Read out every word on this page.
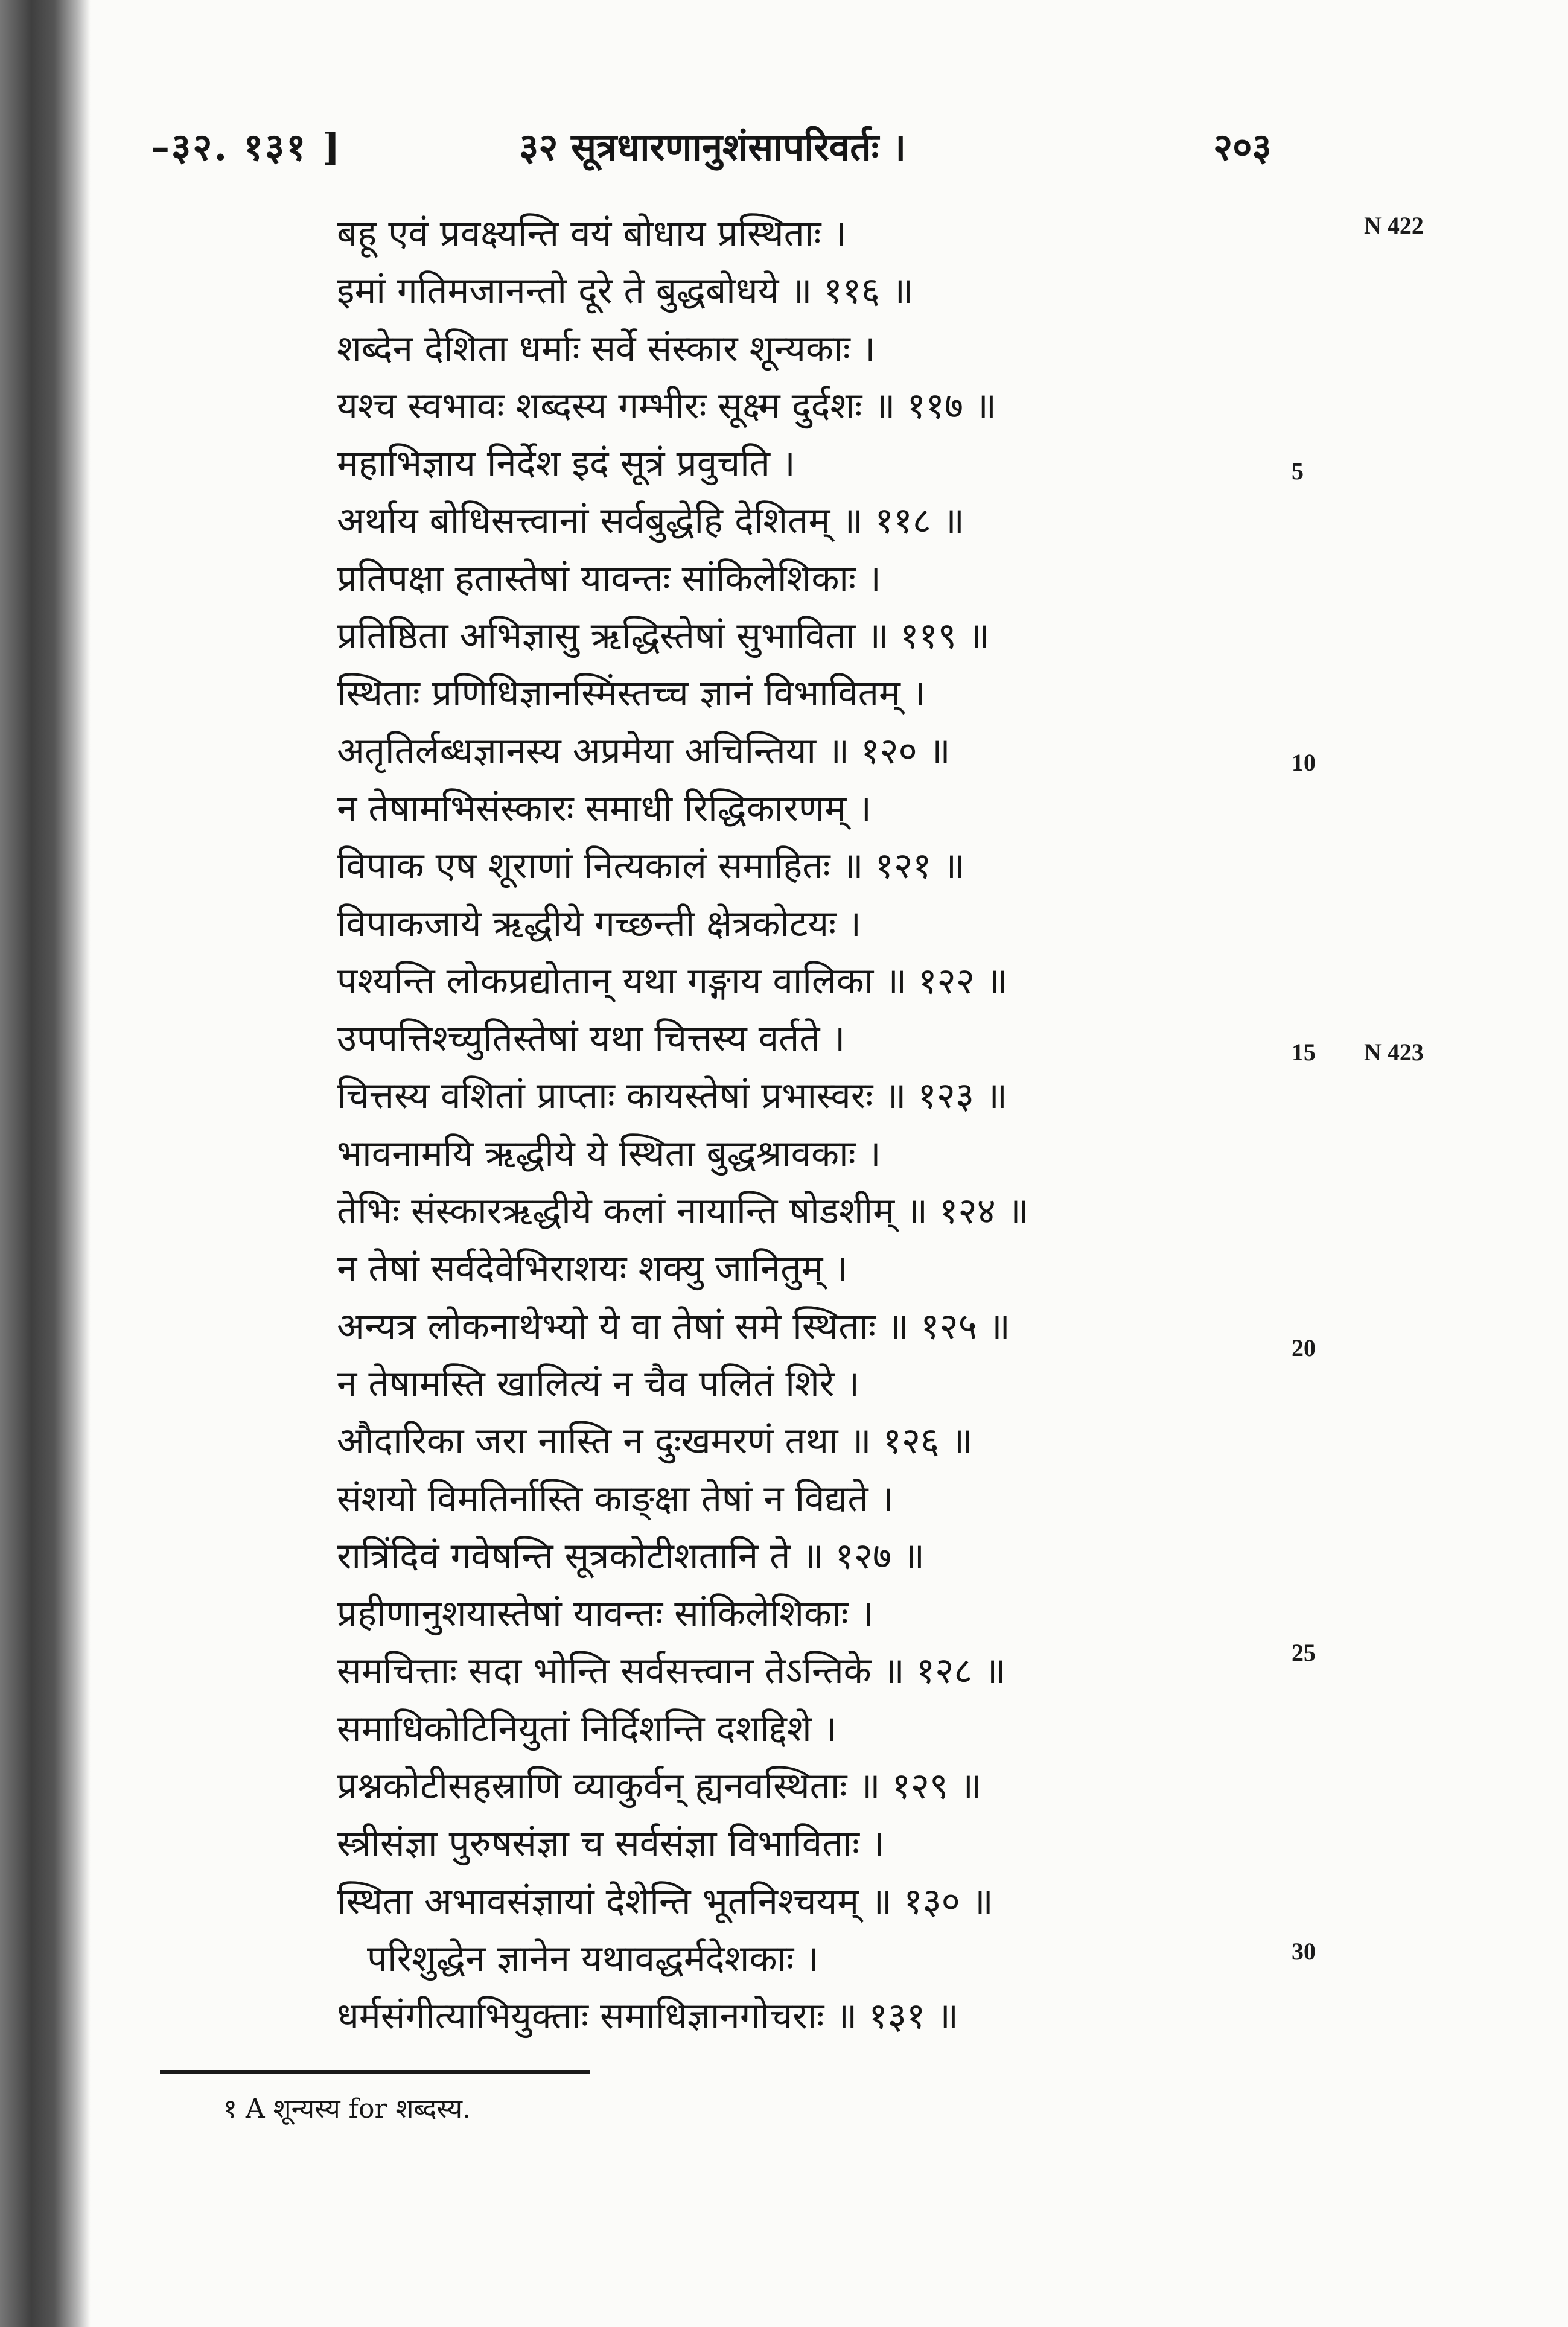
–३२. १३१ ]	३२ सूत्रधारणानुशंसापरिवर्तः ।	२०३
बहू एवं प्रवक्ष्यन्ति वयं बोधाय प्रस्थिताः ।
इमां गतिमजानन्तो दूरे ते बुद्धबोधये ॥ ११६ ॥
शब्देन देशिता धर्माः सर्वे संस्कार शून्यकाः ।
यश्च स्वभावः शब्दस्य गम्भीरः सूक्ष्म दुर्दशः ॥ ११७ ॥
महाभिज्ञाय निर्देश इदं सूत्रं प्रवुचति ।
अर्थाय बोधिसत्त्वानां सर्वबुद्धेहि देशितम् ॥ ११८ ॥
प्रतिपक्षा हतास्तेषां यावन्तः सांकिलेशिकाः ।
प्रतिष्ठिता अभिज्ञासु ऋद्धिस्तेषां सुभाविता ॥ ११९ ॥
स्थिताः प्रणिधिज्ञानस्मिंस्तच्च ज्ञानं विभावितम् ।
अतृतिर्लब्धज्ञानस्य अप्रमेया अचिन्तिया ॥ १२० ॥
न तेषामभिसंस्कारः समाधी रिद्धिकारणम् ।
विपाक एष शूराणां नित्यकालं समाहितः ॥ १२१ ॥
विपाकजाये ऋद्धीये गच्छन्ती क्षेत्रकोटयः ।
पश्यन्ति लोकप्रद्योतान् यथा गङ्गाय वालिका ॥ १२२ ॥
उपपत्तिश्च्युतिस्तेषां यथा चित्तस्य वर्तते ।
चित्तस्य वशितां प्राप्ताः कायस्तेषां प्रभास्वरः ॥ १२३ ॥
भावनामयि ऋद्धीये ये स्थिता बुद्धश्रावकाः ।
तेभिः संस्कारऋद्धीये कलां नायान्ति षोडशीम् ॥ १२४ ॥
न तेषां सर्वदेवेभिराशयः शक्यु जानितुम् ।
अन्यत्र लोकनाथेभ्यो ये वा तेषां समे स्थिताः ॥ १२५ ॥
न तेषामस्ति खालित्यं न चैव पलितं शिरे ।
औदारिका जरा नास्ति न दुःखमरणं तथा ॥ १२६ ॥
संशयो विमतिर्नास्ति काङ्क्षा तेषां न विद्यते ।
रात्रिंदिवं गवेषन्ति सूत्रकोटीशतानि ते ॥ १२७ ॥
प्रहीणानुशयास्तेषां यावन्तः सांकिलेशिकाः ।
समचित्ताः सदा भोन्ति सर्वसत्त्वान तेऽन्तिके ॥ १२८ ॥
समाधिकोटिनियुतां निर्दिशन्ति दशद्दिशे ।
प्रश्नकोटीसहस्राणि व्याकुर्वन् ह्यनवस्थिताः ॥ १२९ ॥
स्त्रीसंज्ञा पुरुषसंज्ञा च सर्वसंज्ञा विभाविताः ।
स्थिता अभावसंज्ञायां देशेन्ति भूतनिश्चयम् ॥ १३० ॥
परिशुद्धेन ज्ञानेन यथावद्धर्मदेशकाः ।
धर्मसंगीत्याभियुक्ताः समाधिज्ञानगोचराः ॥ १३१ ॥
5
10
15
20
25
30
N 422
N 423
१ A शून्यस्य for शब्दस्य.
